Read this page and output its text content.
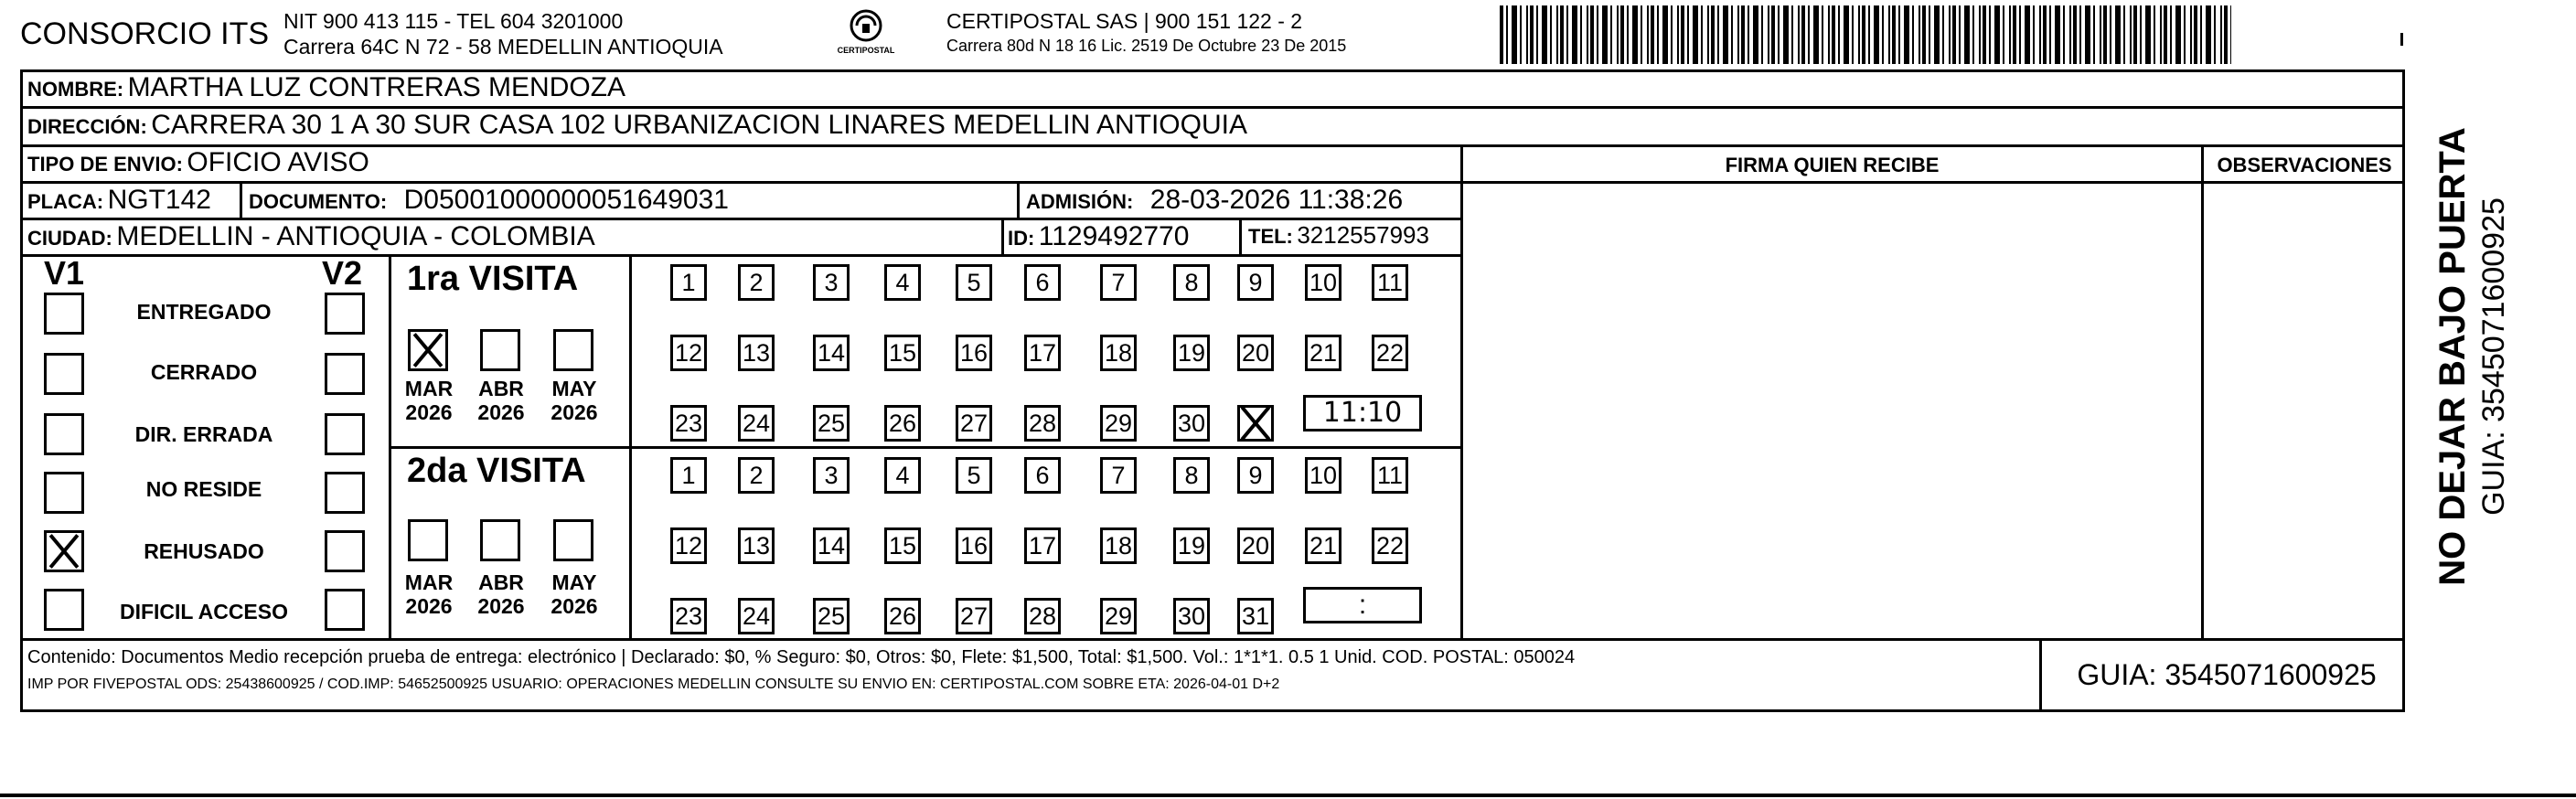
CONSORCIO ITS NIT 900 413 115 - TEL 604 3201000
Carrera 64C N 72 - 58 MEDELLIN ANTIOQUIA	CERTIPOSTAL
CERTIPOSTAL SAS | 900 151 122 - 2
Carrera 80d N 18 16 Lic. 2519 De Octubre 23 De 2015
NOMBRE: MARTHA LUZ CONTRERAS MENDOZA
DIRECCIÓN: CARRERA 30 1 A 30 SUR CASA 102 URBANIZACION LINARES MEDELLIN ANTIOQUIA
TIPO DE ENVIO: OFICIO AVISO	FIRMA QUIEN RECIBE	OBSERVACIONES
PLACA: NGT142 DOCUMENTO: D05001000000051649031	ADMISIÓN: 28-03-2026 11:38:26
CIUDAD: MEDELLIN - ANTIOQUIA - COLOMBIA	ID: 1129492770	TEL: 3212557993
V1	V2
ENTREGADO
CERRADO
DIR. ERRADA
NO RESIDE
REHUSADO
DIFICIL ACCESO
1ra VISITA
MAR
2026
ABR
2026
MAY
2026
1	2	3	4	5	6	7	8	9	10 11
12 13 14 15 16 17 18 19 20 21 22
23 24 25 26 27 28 29 30	11:10
2da VISITA
MAR
2026
ABR
2026
MAY
2026
1	2	3	4	5	6	7	8	9	10 11
12 13 14 15 16 17 18 19 20 21 22
23 24 25 26 27 28 29 30 31	:
Contenido: Documentos Medio recepción prueba de entrega: electrónico | Declarado: $0, % Seguro: $0, Otros: $0, Flete: $1,500, Total: $1,500. Vol.: 1*1*1. 0.5 1 Unid. COD. POSTAL: 050024
IMP POR FIVEPOSTAL ODS: 25438600925 / COD.IMP: 54652500925 USUARIO: OPERACIONES MEDELLIN CONSULTE SU ENVIO EN: CERTIPOSTAL.COM SOBRE ETA: 2026-04-01 D+2	GUIA: 3545071600925
NO DEJAR BAJO PUERTA GUIA: 3545071600925
